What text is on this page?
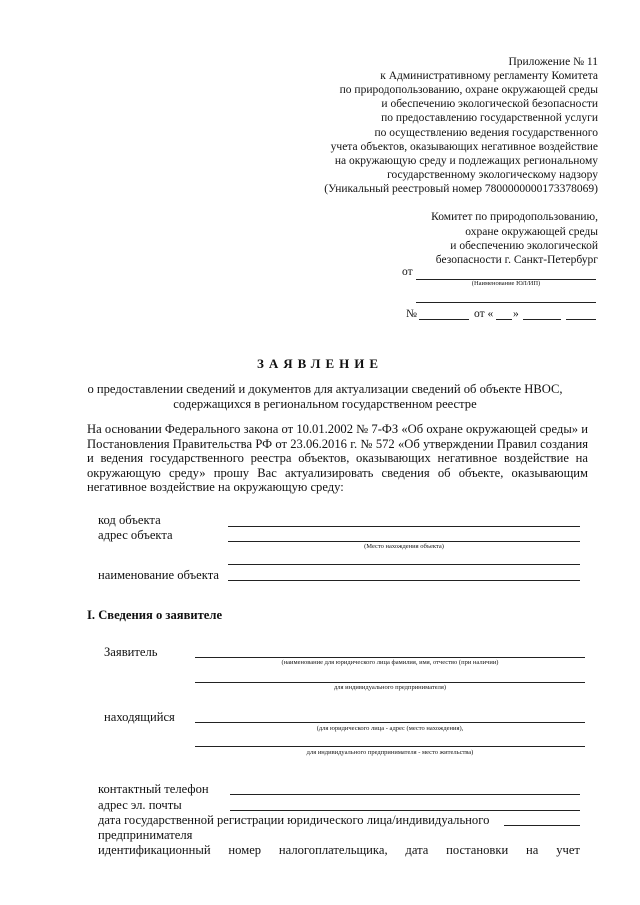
Приложение № 11
к Административному регламенту Комитета
по природопользованию, охране окружающей среды
и обеспечению экологической безопасности
по предоставлению государственной услуги
по осуществлению ведения государственного
учета объектов, оказывающих негативное воздействие
на окружающую среду и подлежащих региональному
государственному экологическому надзору
(Уникальный реестровый номер 7800000000173378069)
Комитет по природопользованию,
охране окружающей среды
и обеспечению экологической
безопасности г. Санкт-Петербург
от
(Наименование ЮЛ/ИП)
№	от « »
ЗАЯВЛЕНИЕ
о предоставлении сведений и документов для актуализации сведений об объекте НВОС,
содержащихся в региональном государственном реестре
На основании Федерального закона от 10.01.2002 № 7-ФЗ «Об охране окружающей среды» и Постановления Правительства РФ от 23.06.2016 г. № 572 «Об утверждении Правил создания и ведения государственного реестра объектов, оказывающих негативное воздействие на окружающую среду» прошу Вас актуализировать сведения об объекте, оказывающим негативное воздействие на окружающую среду:
код объекта
адрес объекта
(Место нахождения объекта)
наименование объекта
I. Сведения о заявителе
Заявитель
(наименование для юридического лица фамилия, имя, отчество (при наличии)
для индивидуального предпринимателя)
находящийся
(для юридического лица - адрес (место нахождения),
для индивидуального предпринимателя - место жительства)
контактный телефон
адрес эл. почты
дата государственной регистрации юридического лица/индивидуального
предпринимателя
идентификационный номер налогоплательщика, дата постановки на учет
